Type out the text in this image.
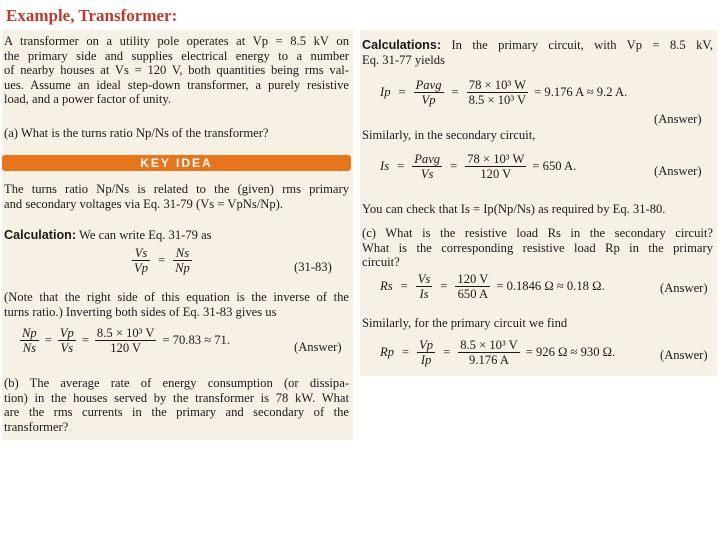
Example, Transformer:
A transformer on a utility pole operates at Vp = 8.5 kV on
the primary side and supplies electrical energy to a number
of nearby houses at Vs = 120 V, both quantities being rms val-
ues. Assume an ideal step-down transformer, a purely resistive
load, and a power factor of unity.
(a) What is the turns ratio Np/Ns of the transformer?
KEY IDEA
The turns ratio Np/Ns is related to the (given) rms primary
and secondary voltages via Eq. 31-79 (Vs = VpNs/Np).
Calculation: We can write Eq. 31-79 as
$\frac{Vs}{Vp} = \frac{Ns}{Np}$	(31-83)
(Note that the right side of this equation is the inverse of the
turns ratio.) Inverting both sides of Eq. 31-83 gives us
$\frac{Np}{Ns} = \frac{Vp}{Vs} = \frac{\text{8.5 × 10³ V}}{120 V} = 70.83 \approx 71$.	(Answer)
(b) The average rate of energy consumption (or dissipa-
tion) in the houses served by the transformer is 78 kW. What
are the rms currents in the primary and secondary of the
transformer?
Calculations: In the primary circuit, with Vp = 8.5 kV,
Eq. 31-77 yields
$Ip = \frac{\text{Pavg}}{Vp} = \frac{\text{78 × 10³ W}}{\text{8.5 × 10³ V}} = 9.176$ A ≈ 9.2 A.
(Answer)
Similarly, in the secondary circuit,
$Is = \frac{\text{Pavg}}{Vs} = \frac{\text{78 × 10³ W}}{120 V} = 650$ A.	(Answer)
You can check that Is = Ip(Np/Ns) as required by Eq. 31-80.
(c) What is the resistive load Rs in the secondary circuit?
What is the corresponding resistive load Rp in the primary
circuit?
$Rs = \frac{Vs}{Is} = \frac{120 V}{650 A} = 0.1846$ Ω ≈ 0.18 Ω.	(Answer)
Similarly, for the primary circuit we find
$Rp = \frac{Vp}{Ip} = \frac{\text{8.5 × 10³ V}}{9.176 A} = 926$ Ω ≈ 930 Ω.	(Answer)
